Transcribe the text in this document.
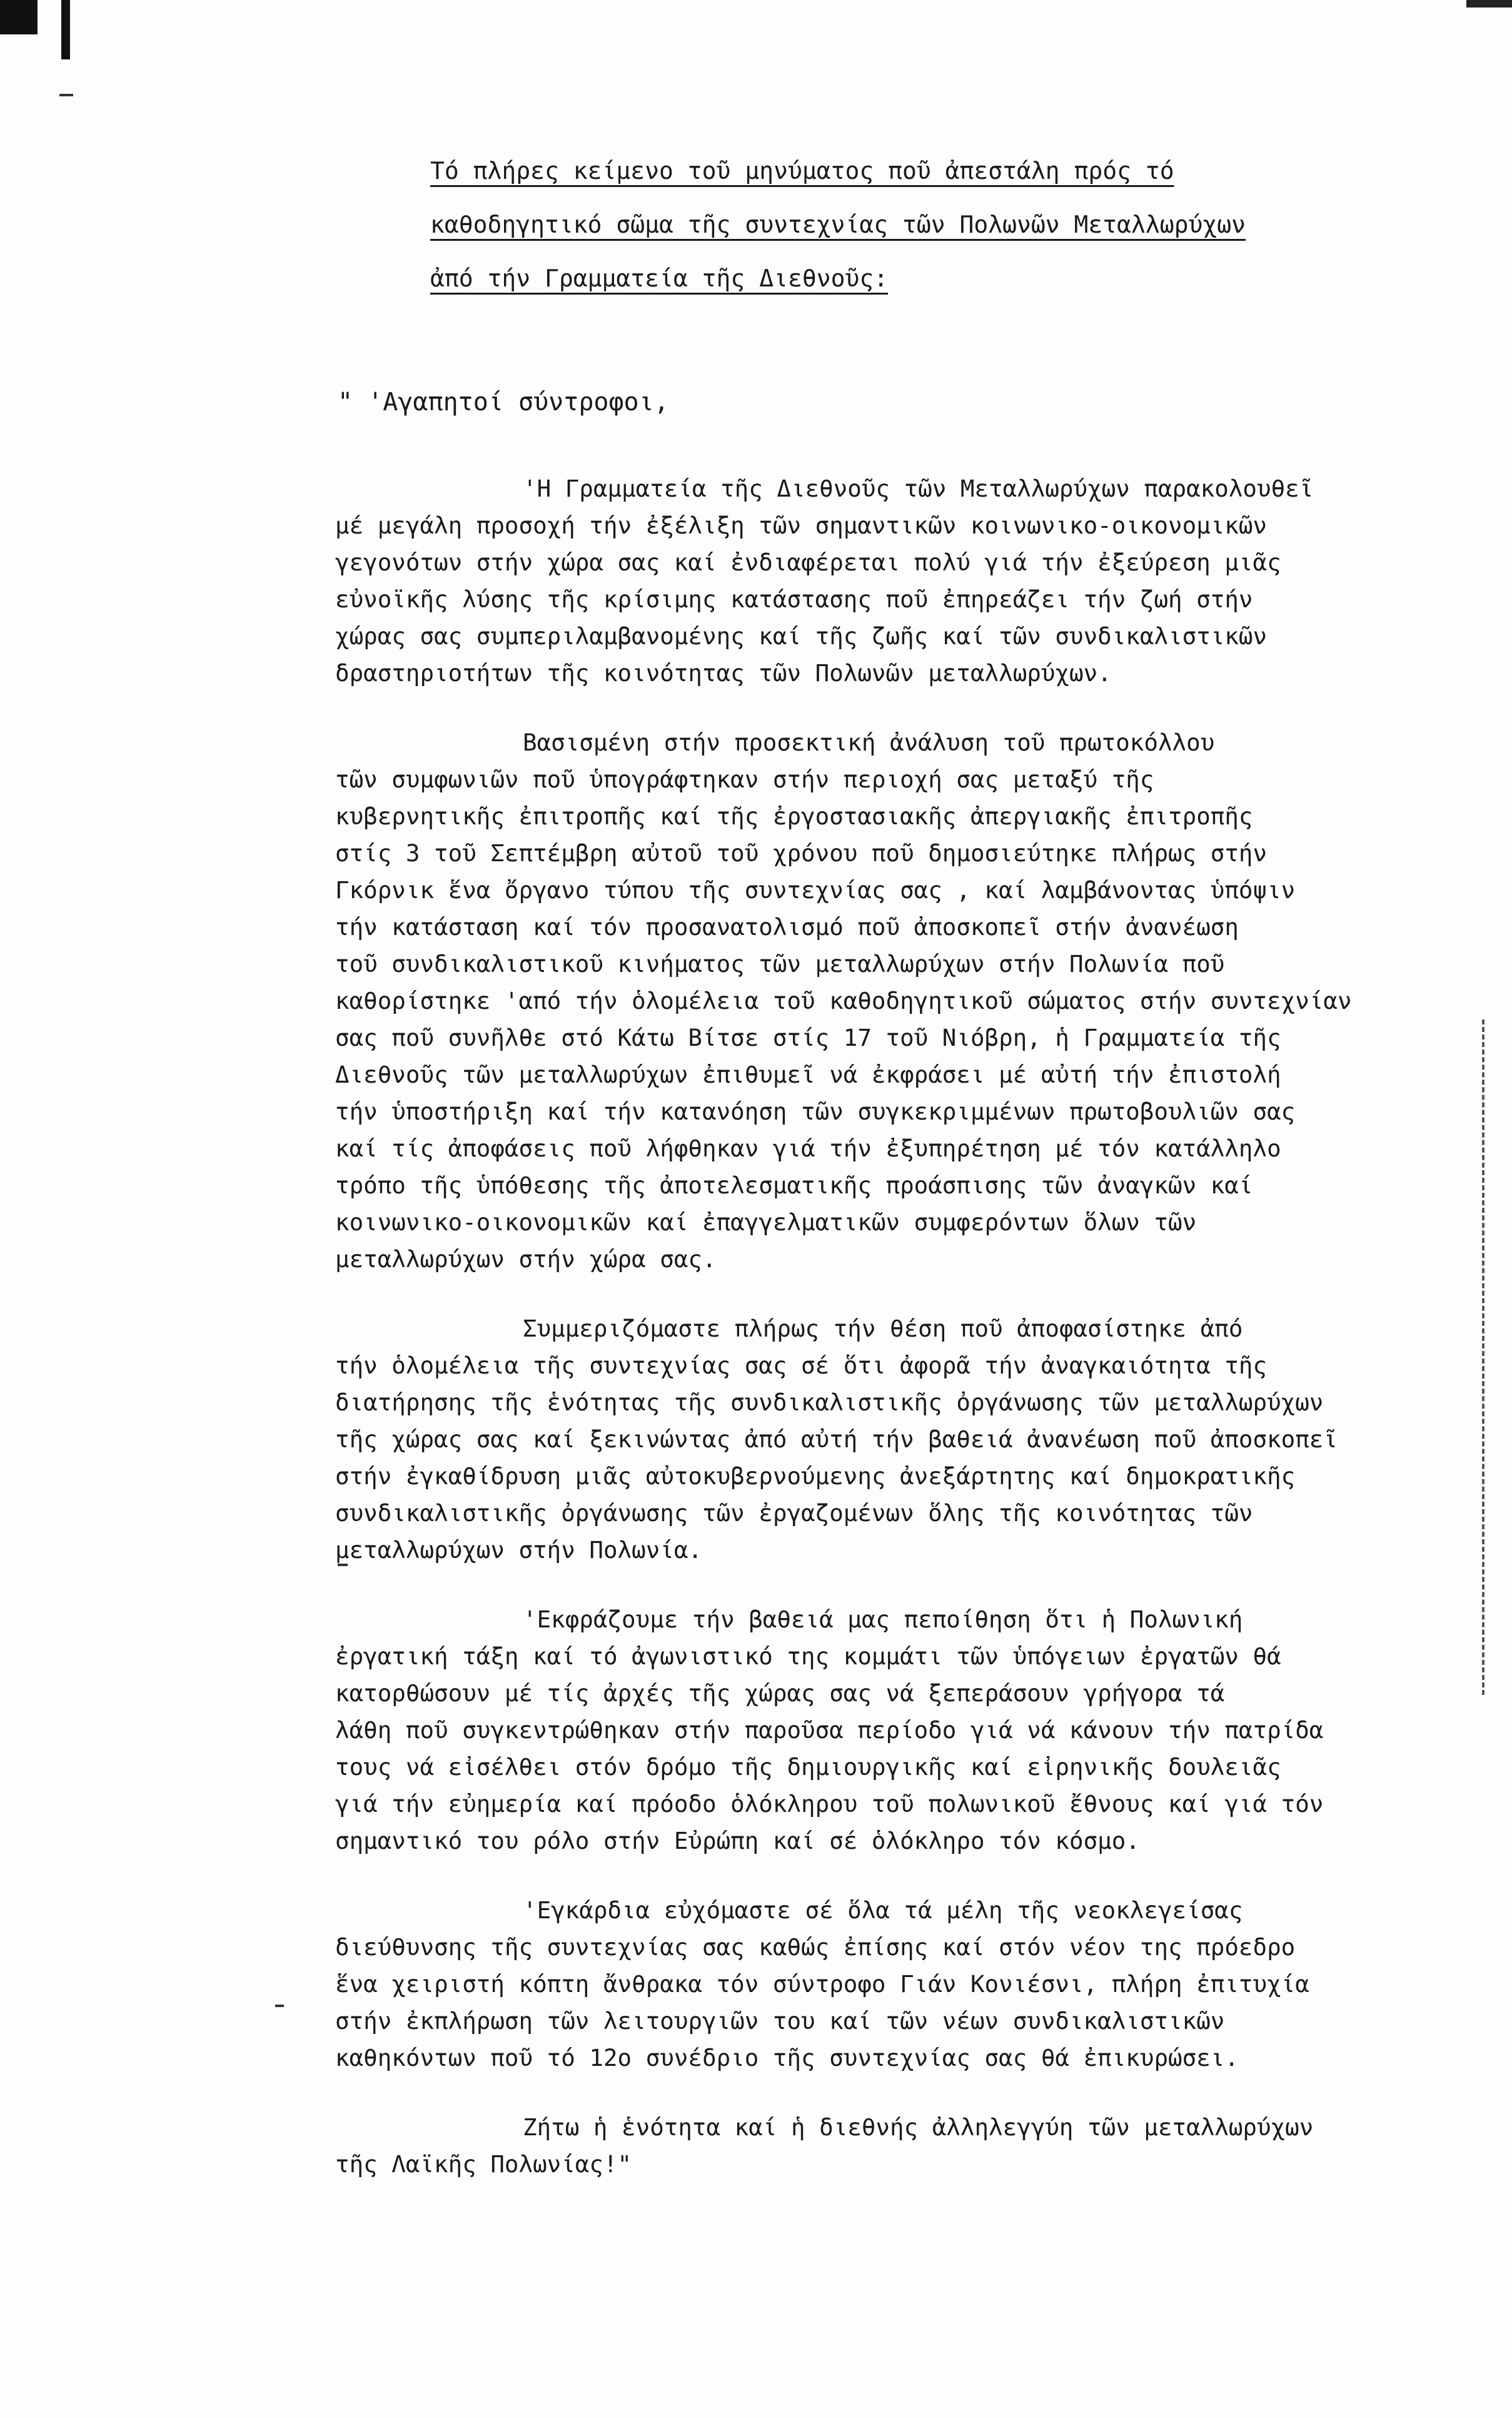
Τό πλήρες κείμενο τοῦ μηνύματος ποῦ ἀπεστάλη πρός τό
καθοδηγητικό σῶμα τῆς συντεχνίας τῶν Πολωνῶν Μεταλλωρύχων
ἀπό τήν Γραμματεία τῆς Διεθνοῦς:
" 'Αγαπητοί σύντροφοι,
'Η Γραμματεία τῆς Διεθνοῦς τῶν Μεταλλωρύχων παρακολουθεῖ
μέ μεγάλη προσοχή τήν ἐξέλιξη τῶν σημαντικῶν κοινωνικο-οικονομικῶν
γεγονότων στήν χώρα σας καί ἐνδιαφέρεται πολύ γιά τήν ἐξεύρεση μιᾶς
εὐνοϊκῆς λύσης τῆς κρίσιμης κατάστασης ποῦ ἐπηρεάζει τήν ζωή στήν
χώρας σας συμπεριλαμβανομένης καί τῆς ζωῆς καί τῶν συνδικαλιστικῶν
δραστηριοτήτων τῆς κοινότητας τῶν Πολωνῶν μεταλλωρύχων.
Βασισμένη στήν προσεκτική ἀνάλυση τοῦ πρωτοκόλλου
τῶν συμφωνιῶν ποῦ ὑπογράφτηκαν στήν περιοχή σας μεταξύ τῆς
κυβερνητικῆς ἐπιτροπῆς καί τῆς ἐργοστασιακῆς ἀπεργιακῆς ἐπιτροπῆς
στίς 3 τοῦ Σεπτέμβρη αὐτοῦ τοῦ χρόνου ποῦ δημοσιεύτηκε πλήρως στήν
Γκόρνικ ἕνα ὄργανο τύπου τῆς συντεχνίας σας , καί λαμβάνοντας ὑπόψιν
τήν κατάσταση καί τόν προσανατολισμό ποῦ ἀποσκοπεῖ στήν ἀνανέωση
τοῦ συνδικαλιστικοῦ κινήματος τῶν μεταλλωρύχων στήν Πολωνία ποῦ
καθορίστηκε 'από τήν ὁλομέλεια τοῦ καθοδηγητικοῦ σώματος στήν συντεχνίαν
σας ποῦ συνῆλθε στό Κάτω Βίτσε στίς 17 τοῦ Νιόβρη, ἡ Γραμματεία τῆς
Διεθνοῦς τῶν μεταλλωρύχων ἐπιθυμεῖ νά ἐκφράσει μέ αὐτή τήν ἐπιστολή
τήν ὑποστήριξη καί τήν κατανόηση τῶν συγκεκριμμένων πρωτοβουλιῶν σας
καί τίς ἀποφάσεις ποῦ λήφθηκαν γιά τήν ἐξυπηρέτηση μέ τόν κατάλληλο
τρόπο τῆς ὑπόθεσης τῆς ἀποτελεσματικῆς προάσπισης τῶν ἀναγκῶν καί
κοινωνικο-οικονομικῶν καί ἐπαγγελματικῶν συμφερόντων ὅλων τῶν
μεταλλωρύχων στήν χώρα σας.
Συμμεριζόμαστε πλήρως τήν θέση ποῦ ἀποφασίστηκε ἀπό
τήν ὁλομέλεια τῆς συντεχνίας σας σέ ὅτι ἀφορᾶ τήν ἀναγκαιότητα τῆς
διατήρησης τῆς ἑνότητας τῆς συνδικαλιστικῆς ὀργάνωσης τῶν μεταλλωρύχων
τῆς χώρας σας καί ξεκινώντας ἀπό αὐτή τήν βαθειά ἀνανέωση ποῦ ἀποσκοπεῖ
στήν ἐγκαθίδρυση μιᾶς αὐτοκυβερνούμενης ἀνεξάρτητης καί δημοκρατικῆς
συνδικαλιστικῆς ὀργάνωσης τῶν ἐργαζομένων ὅλης τῆς κοινότητας τῶν
μεταλλωρύχων στήν Πολωνία.
'Εκφράζουμε τήν βαθειά μας πεποίθηση ὅτι ἡ Πολωνική
ἐργατική τάξη καί τό ἀγωνιστικό της κομμάτι τῶν ὑπόγειων ἐργατῶν θά
κατορθώσουν μέ τίς ἀρχές τῆς χώρας σας νά ξεπεράσουν γρήγορα τά
λάθη ποῦ συγκεντρώθηκαν στήν παροῦσα περίοδο γιά νά κάνουν τήν πατρίδα
τους νά εἰσέλθει στόν δρόμο τῆς δημιουργικῆς καί εἰρηνικῆς δουλειᾶς
γιά τήν εὐημερία καί πρόοδο ὁλόκληρου τοῦ πολωνικοῦ ἔθνους καί γιά τόν
σημαντικό του ρόλο στήν Εὐρώπη καί σέ ὁλόκληρο τόν κόσμο.
'Εγκάρδια εὐχόμαστε σέ ὅλα τά μέλη τῆς νεοκλεγείσας
διεύθυνσης τῆς συντεχνίας σας καθώς ἐπίσης καί στόν νέον της πρόεδρο
ἕνα χειριστή κόπτη ἄνθρακα τόν σύντροφο Γιάν Κονιέσνι, πλήρη ἐπιτυχία
στήν ἐκπλήρωση τῶν λειτουργιῶν του καί τῶν νέων συνδικαλιστικῶν
καθηκόντων ποῦ τό 12ο συνέδριο τῆς συντεχνίας σας θά ἐπικυρώσει.
Ζήτω ἡ ἑνότητα καί ἡ διεθνής ἀλληλεγγύη τῶν μεταλλωρύχων
τῆς Λαϊκῆς Πολωνίας!"
